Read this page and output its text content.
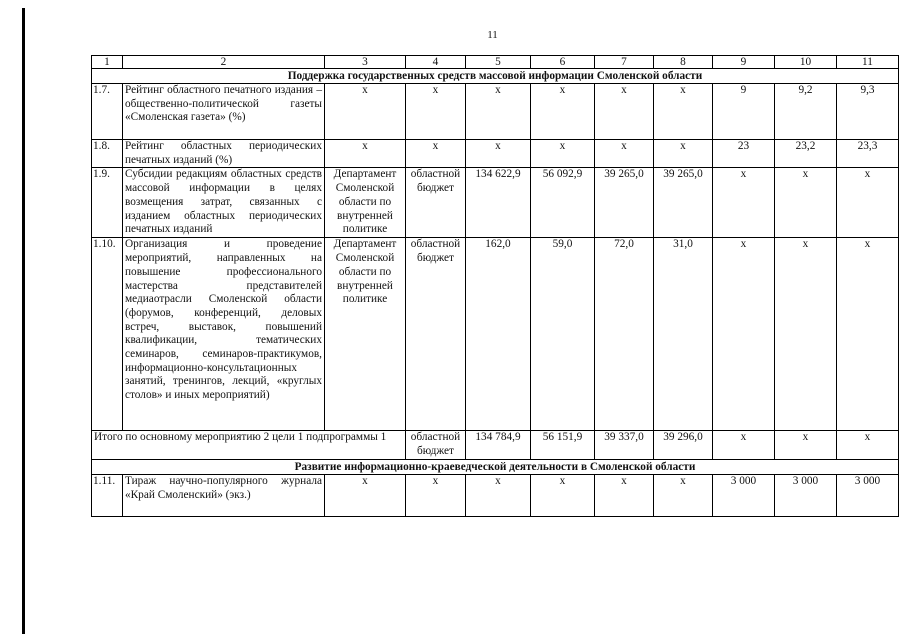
11
1	2	3	4	5	6	7	8	9	10	11
Поддержка государственных средств массовой информации Смоленской области										
1.7.	Рейтинг областного печатного издания – общественно-политической газеты «Смоленская газета» (%)	x	x	x	x	x	x	9	9,2	9,3
1.8.	Рейтинг областных периодических печатных изданий (%)	x	x	x	x	x	x	23	23,2	23,3
1.9.	Субсидии редакциям областных средств массовой информации в целях возмещения затрат, связанных с изданием областных периодических печатных изданий	Департамент Смоленской области по внутренней политике	областной бюджет	134 622,9	56 092,9	39 265,0	39 265,0	x	x	x
1.10.	Организация и проведение мероприятий, направленных на повышение профессионального мастерства представителей медиаотрасли Смоленской области (форумов, конференций, деловых встреч, выставок, повышений квалификации, тематических семинаров, семинаров-практикумов, информационно-консультационных занятий, тренингов, лекций, «круглых столов» и иных мероприятий)	Департамент Смоленской области по внутренней политике	областной бюджет	162,0	59,0	72,0	31,0	x	x	x
Итого по основному мероприятию 2 цели 1 подпрограммы 1			областной бюджет	134 784,9	56 151,9	39 337,0	39 296,0	x	x	x
Развитие информационно-краеведческой деятельности в Смоленской области										
1.11.	Тираж научно-популярного журнала «Край Смоленский» (экз.)	x	x	x	x	x	x	3 000	3 000	3 000
